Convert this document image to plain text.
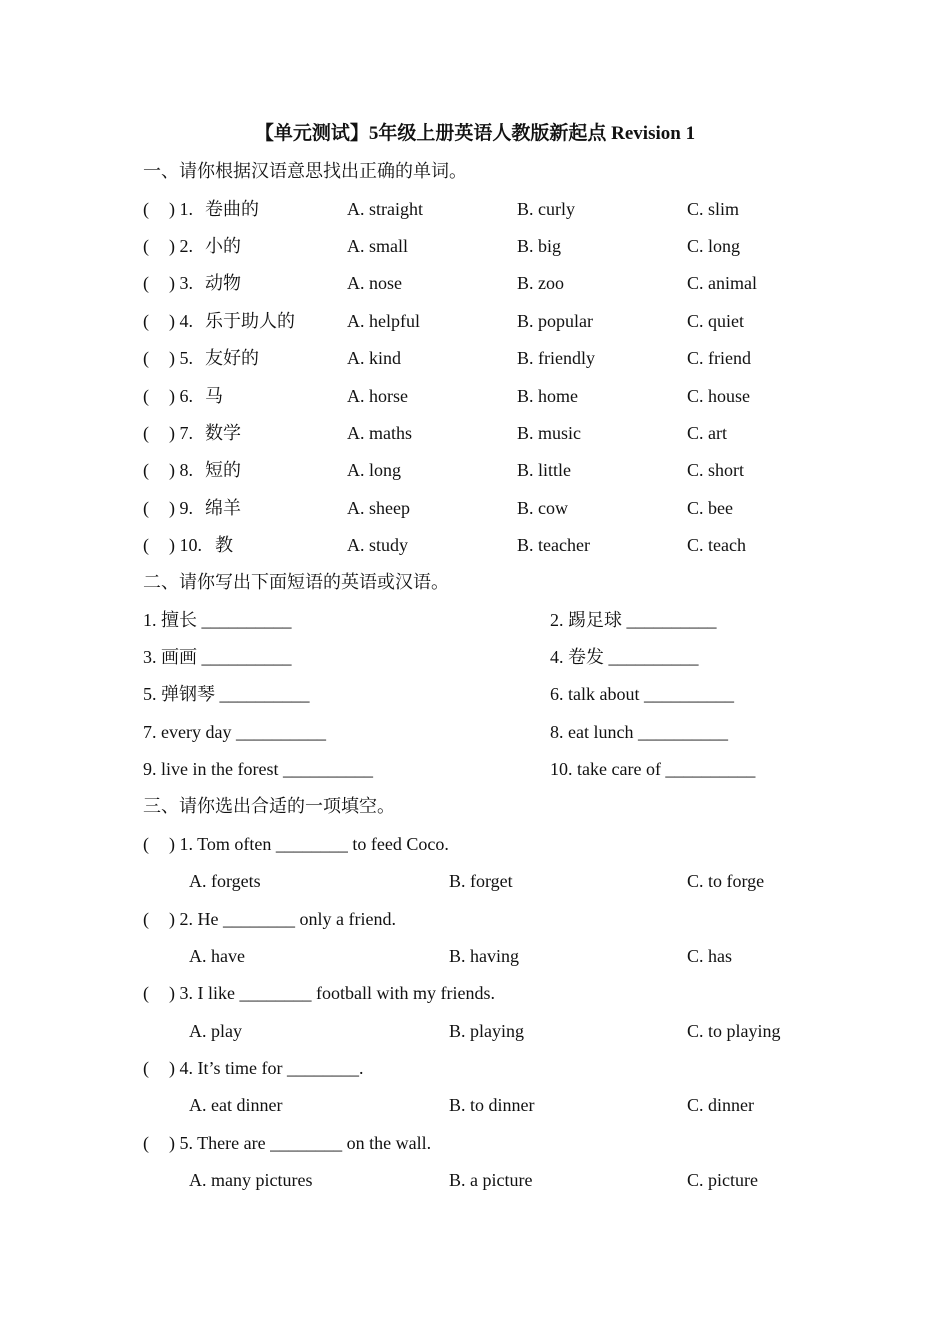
【单元测试】5年级上册英语人教版新起点 Revision 1
一、请你根据汉语意思找出正确的单词。
(	) 1. 卷曲的	A. straight	B. curly	C. slim
( ) 2. 小的	A. small	B. big	C. long
( ) 3. 动物	A. nose	B. zoo	C. animal
( ) 4. 乐于助人的	A. helpful	B. popular	C. quiet
( ) 5. 友好的	A. kind	B. friendly	C. friend
( ) 6. 马	A. horse	B. home	C. house
( ) 7. 数学	A. maths	B. music	C. art
( ) 8. 短的	A. long	B. little	C. short
( ) 9. 绵羊	A. sheep	B. cow	C. bee
( ) 10. 教	A. study	B. teacher	C. teach
二、请你写出下面短语的英语或汉语。
1. 擅长 __________	2. 踢足球 __________
3. 画画 __________	4. 卷发 __________
5. 弹钢琴 __________	6. talk about __________
7. every day __________	8. eat lunch __________
9. live in the forest __________	10. take care of __________
三、请你选出合适的一项填空。
( ) 1. Tom often ________ to feed Coco.
A. forgets	B. forget	C. to forge
( ) 2. He ________ only a friend.
A. have	B. having	C. has
( ) 3. I like ________ football with my friends.
A. play	B. playing	C. to playing
( ) 4. It’s time for ________.
A. eat dinner	B. to dinner	C. dinner
( ) 5. There are ________ on the wall.
A. many pictures	B. a picture	C. picture
